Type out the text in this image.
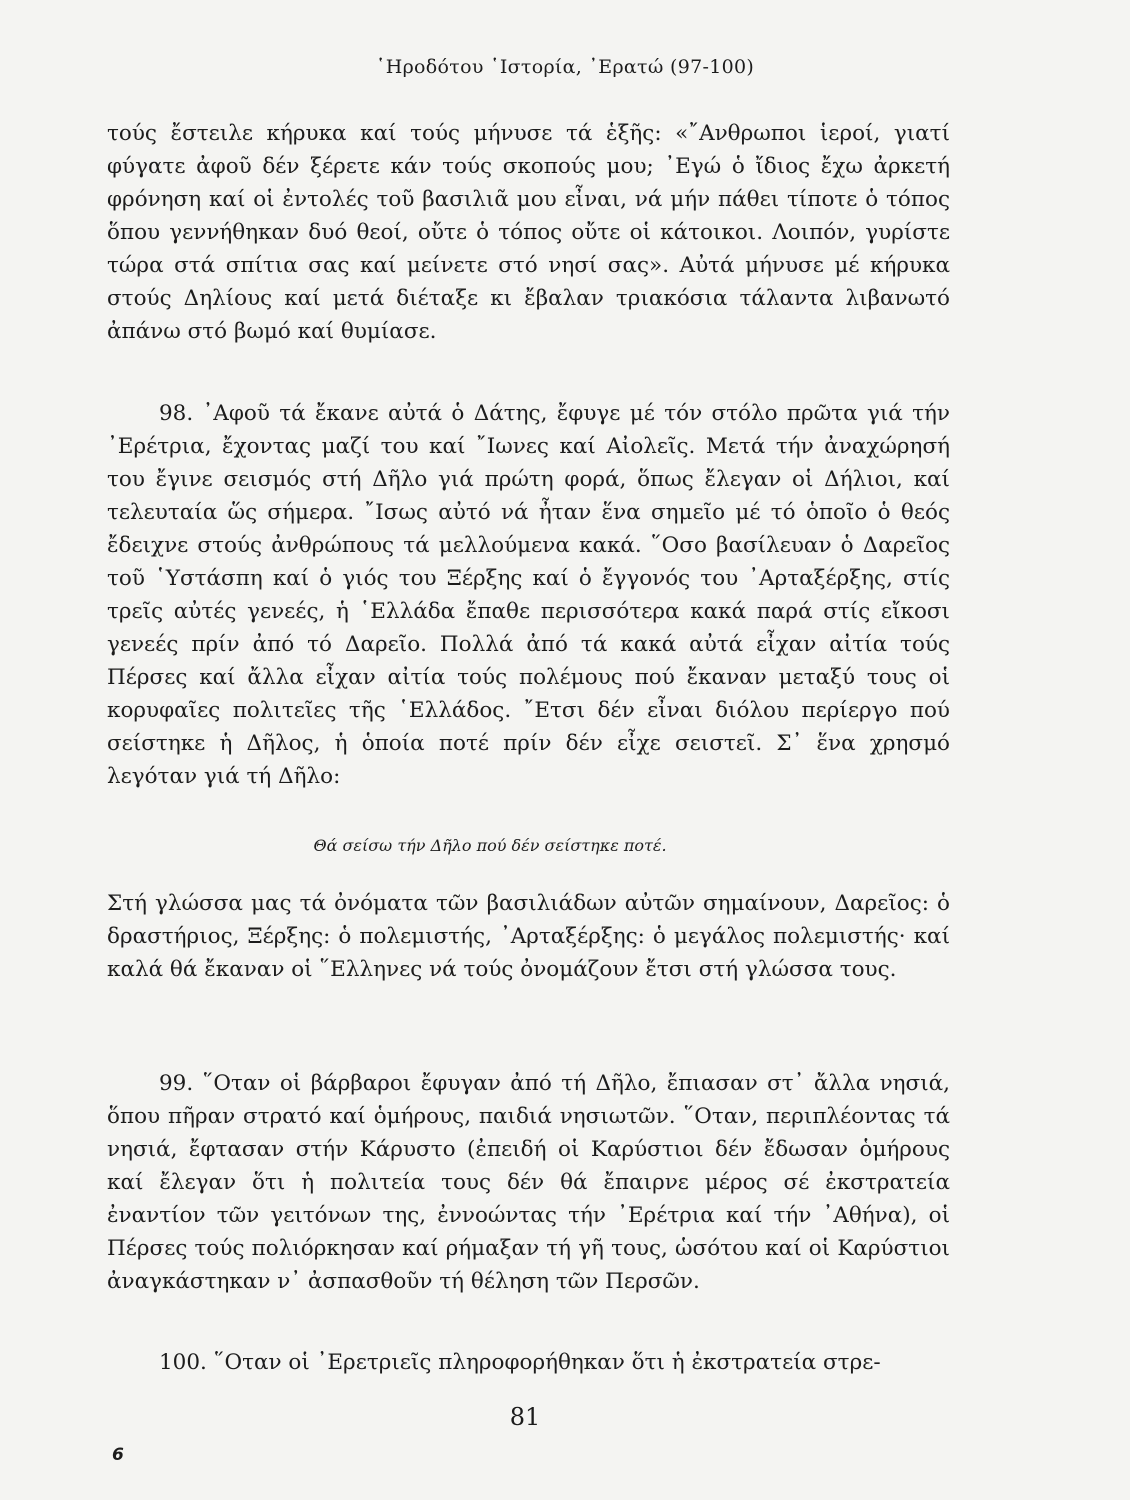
῾Ηροδότου ῾Ιστορία, ᾿Ερατώ (97-100)

τούς ἔστειλε κήρυκα καί τούς μήνυσε τά ἑξῆς: «῎Ανθρωποι ἱεροί, γιατί φύγατε ἀφοῦ δέν ξέρετε κάν τούς σκοπούς μου; ᾿Εγώ ὁ ἴδιος ἔχω ἀρκετή φρόνηση καί οἱ ἐντολές τοῦ βασιλιᾶ μου εἶναι, νά μήν πάθει τίποτε ὁ τόπος ὅπου γεννήθηκαν δυό θεοί, οὔτε ὁ τόπος οὔτε οἱ κάτοικοι. Λοιπόν, γυρίστε τώρα στά σπίτια σας καί μείνετε στό νησί σας». Αὐτά μήνυσε μέ κήρυκα στούς Δηλίους καί μετά διέταξε κι ἔβαλαν τριακόσια τάλαντα λιβανωτό ἀπάνω στό βωμό καί θυμίασε.

98. ᾿Αφοῦ τά ἔκανε αὐτά ὁ Δάτης, ἔφυγε μέ τόν στόλο πρῶτα γιά τήν ᾿Ερέτρια, ἔχοντας μαζί του καί ῎Ιωνες καί Αἰολεῖς. Μετά τήν ἀναχώρησή του ἔγινε σεισμός στή Δῆλο γιά πρώτη φορά, ὅπως ἔλεγαν οἱ Δήλιοι, καί τελευταία ὥς σήμερα. ῎Ισως αὐτό νά ἦταν ἕνα σημεῖο μέ τό ὁποῖο ὁ θεός ἔδειχνε στούς ἀνθρώπους τά μελλούμενα κακά. ῞Οσο βασίλευαν ὁ Δαρεῖος τοῦ ῾Υστάσπη καί ὁ γιός του Ξέρξης καί ὁ ἔγγονός του ᾿Αρταξέρξης, στίς τρεῖς αὐτές γενεές, ἡ ῾Ελλάδα ἔπαθε περισσότερα κακά παρά στίς εἴκοσι γενεές πρίν ἀπό τό Δαρεῖο. Πολλά ἀπό τά κακά αὐτά εἶχαν αἰτία τούς Πέρσες καί ἄλλα εἶχαν αἰτία τούς πολέμους πού ἔκαναν μεταξύ τους οἱ κορυφαῖες πολιτεῖες τῆς ῾Ελλάδος. ῎Ετσι δέν εἶναι διόλου περίεργο πού σείστηκε ἡ Δῆλος, ἡ ὁποία ποτέ πρίν δέν εἶχε σειστεῖ. Σ᾿ ἕνα χρησμό λεγόταν γιά τή Δῆλο:

Θά σείσω τήν Δῆλο πού δέν σείστηκε ποτέ.

Στή γλώσσα μας τά ὀνόματα τῶν βασιλιάδων αὐτῶν σημαίνουν, Δαρεῖος: ὁ δραστήριος, Ξέρξης: ὁ πολεμιστής, ᾿Αρταξέρξης: ὁ μεγάλος πολεμιστής· καί καλά θά ἔκαναν οἱ ῞Ελληνες νά τούς ὀνομάζουν ἔτσι στή γλώσσα τους.

99. ῞Οταν οἱ βάρβαροι ἔφυγαν ἀπό τή Δῆλο, ἔπιασαν στ᾿ ἄλλα νησιά, ὅπου πῆραν στρατό καί ὁμήρους, παιδιά νησιωτῶν. ῞Οταν, περιπλέοντας τά νησιά, ἔφτασαν στήν Κάρυστο (ἐπειδή οἱ Καρύστιοι δέν ἔδωσαν ὁμήρους καί ἔλεγαν ὅτι ἡ πολιτεία τους δέν θά ἔπαιρνε μέρος σέ ἐκστρατεία ἐναντίον τῶν γειτόνων της, ἐννοώντας τήν ᾿Ερέτρια καί τήν ᾿Αθήνα), οἱ Πέρσες τούς πολιόρκησαν καί ρήμαξαν τή γῆ τους, ὡσότου καί οἱ Καρύστιοι ἀναγκάστηκαν ν᾿ ἀσπασθοῦν τή θέληση τῶν Περσῶν.

100. ῞Οταν οἱ ᾿Ερετριεῖς πληροφορήθηκαν ὅτι ἡ ἐκστρατεία στρε-

81
6
